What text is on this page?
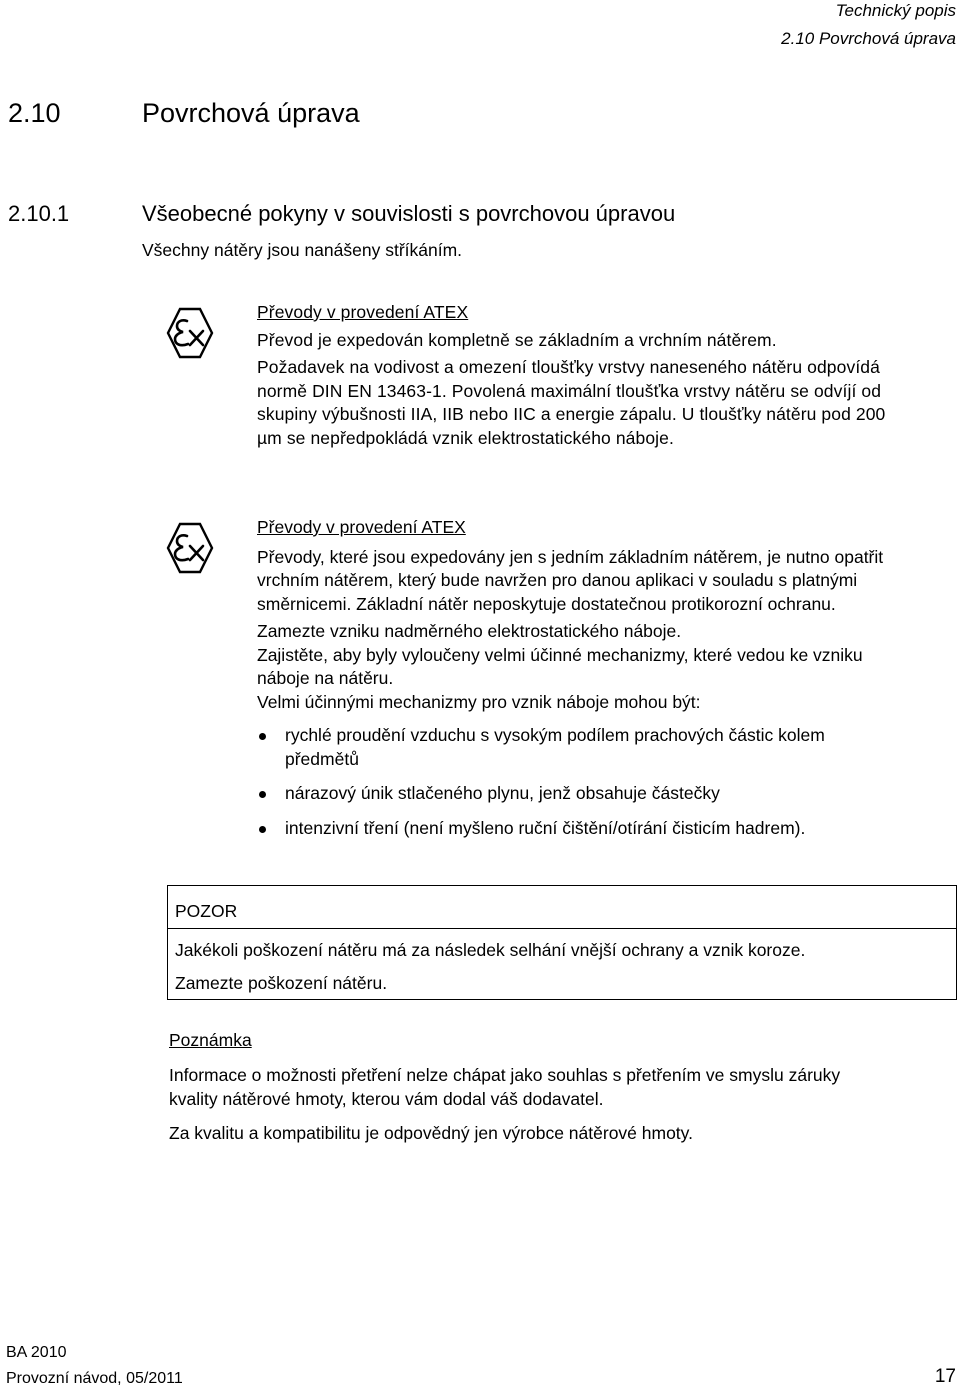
Technický popis
2.10 Povrchová úprava
2.10	Povrchová úprava
2.10.1	Všeobecné pokyny v souvislosti s povrchovou úpravou
Všechny nátěry jsou nanášeny stříkáním.
Převody v provedení ATEX
Převod je expedován kompletně se základním a vrchním nátěrem.
Požadavek na vodivost a omezení tloušťky vrstvy naneseného nátěru odpovídá
normě DIN EN 13463-1. Povolená maximální tloušťka vrstvy nátěru se odvíjí od
skupiny výbušnosti IIA, IIB nebo IIC a energie zápalu. U tloušťky nátěru pod 200
µm se nepředpokládá vznik elektrostatického náboje.
Převody v provedení ATEX
Převody, které jsou expedovány jen s jedním základním nátěrem, je nutno opatřit
vrchním nátěrem, který bude navržen pro danou aplikaci v souladu s platnými
směrnicemi. Základní nátěr neposkytuje dostatečnou protikorozní ochranu.
Zamezte vzniku nadměrného elektrostatického náboje.
Zajistěte, aby byly vyloučeny velmi účinné mechanizmy, které vedou ke vzniku
náboje na nátěru.
Velmi účinnými mechanizmy pro vznik náboje mohou být:
rychlé proudění vzduchu s vysokým podílem prachových částic kolem
předmětů
nárazový únik stlačeného plynu, jenž obsahuje částečky
intenzivní tření (není myšleno ruční čištění/otírání čisticím hadrem).
POZOR
Jakékoli poškození nátěru má za následek selhání vnější ochrany a vznik koroze.
Zamezte poškození nátěru.
Poznámka
Informace o možnosti přetření nelze chápat jako souhlas s přetřením ve smyslu záruky
kvality nátěrové hmoty, kterou vám dodal váš dodavatel.
Za kvalitu a kompatibilitu je odpovědný jen výrobce nátěrové hmoty.
BA 2010
Provozní návod, 05/2011	17
